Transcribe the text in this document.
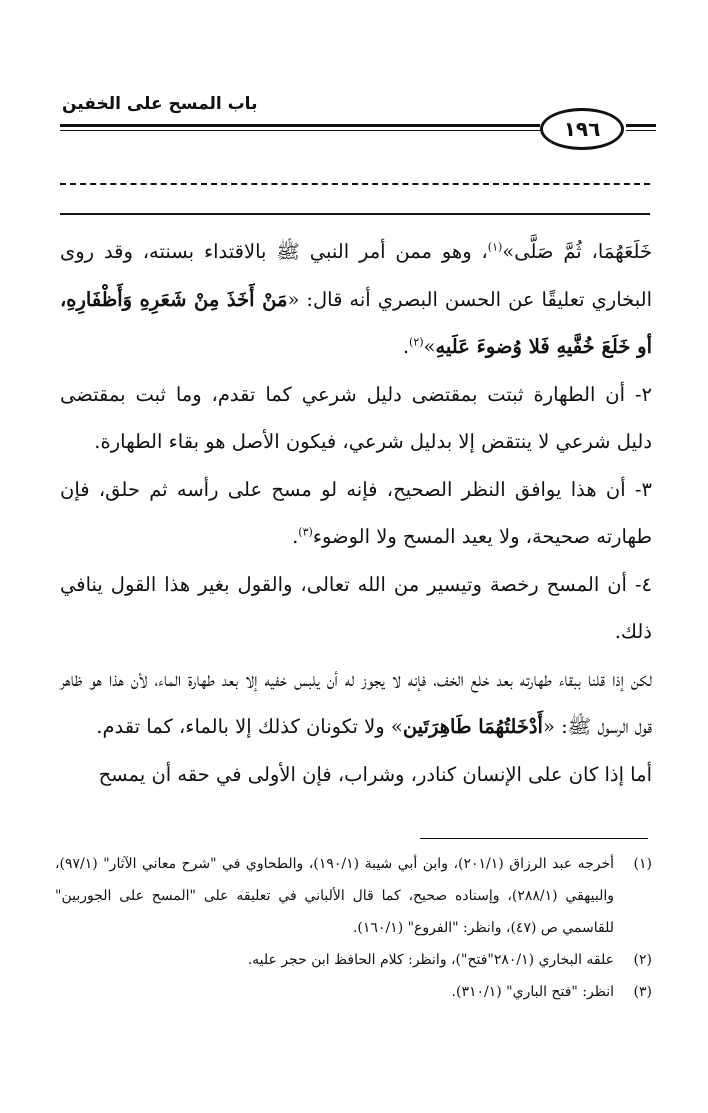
باب المسح على الخفين
١٩٦

خَلَعَهُمَا، ثُمَّ صَلَّى»$^{(١)}$، وهو ممن أمر النبي ﷺ بالاقتداء بسنته، وقد روى البخاري تعليقًا عن الحسن البصري أنه قال: «مَنْ أَخَذَ مِنْ شَعَرِهِ وَأَظْفَارِهِ، أو خَلَعَ خُفَّيهِ فَلا وُضوءَ عَلَيهِ»$^{(٢)}$.

٢- أن الطهارة ثبتت بمقتضى دليل شرعي كما تقدم، وما ثبت بمقتضى دليل شرعي لا ينتقض إلا بدليل شرعي، فيكون الأصل هو بقاء الطهارة.

٣- أن هذا يوافق النظر الصحيح، فإنه لو مسح على رأسه ثم حلق، فإن طهارته صحيحة، ولا يعيد المسح ولا الوضوء$^{(٣)}$.

٤- أن المسح رخصة وتيسير من الله تعالى، والقول بغير هذا القول ينافي ذلك.

لكن إذا قلنا ببقاء طهارته بعد خلع الخف، فإنه لا يجوز له أن يلبس خفيه إلا بعد طهارة الماء، لأن هذا هو ظاهر قول الرسول ﷺ: «أَدْخَلتُهُمَا طَاهِرَتَين» ولا تكونان كذلك إلا بالماء، كما تقدم.

أما إذا كان على الإنسان كنادر، وشراب، فإن الأولى في حقه أن يمسح

(١)
أخرجه عبد الرزاق (٢٠١/١)، وابن أبي شيبة (١٩٠/١)، والطحاوي في "شرح معاني الآثار" (٩٧/١)، والبيهقي (٢٨٨/١)، وإسناده صحيح، كما قال الألباني في تعليقه على "المسح على الجوربين" للقاسمي ص (٤٧)، وانظر: "الفروع" (١٦٠/١).
(٢)
علقه البخاري (٢٨٠/١"فتح")، وانظر: كلام الحافظ ابن حجر عليه.
(٣)
انظر: "فتح الباري" (٣١٠/١).
